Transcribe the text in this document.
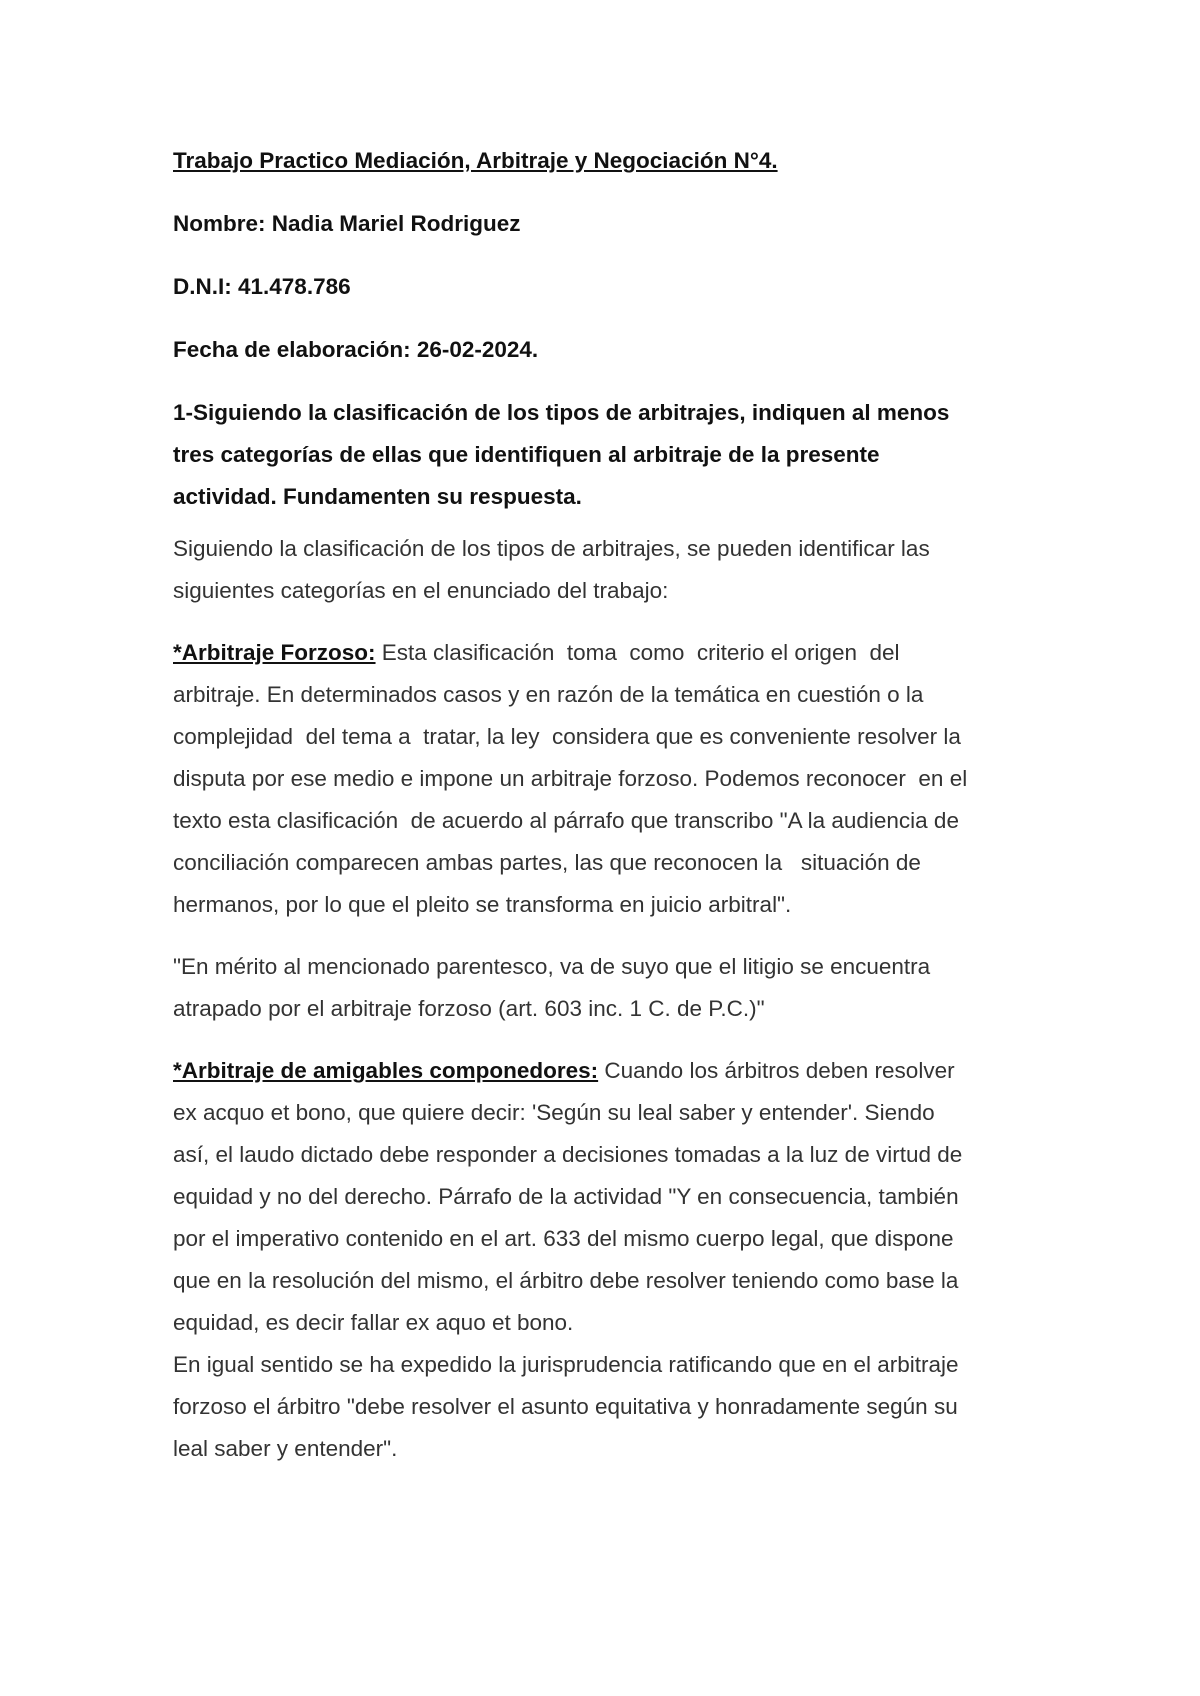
Trabajo Practico Mediación, Arbitraje y Negociación N°4.
Nombre: Nadia Mariel Rodriguez
D.N.I: 41.478.786
Fecha de elaboración: 26-02-2024.
1-Siguiendo la clasificación de los tipos de arbitrajes, indiquen al menos
tres categorías de ellas que identifiquen al arbitraje de la presente
actividad. Fundamenten su respuesta.
Siguiendo la clasificación de los tipos de arbitrajes, se pueden identificar las
siguientes categorías en el enunciado del trabajo:
*Arbitraje Forzoso: Esta clasificación  toma  como  criterio el origen  del
arbitraje. En determinados casos y en razón de la temática en cuestión o la
complejidad  del tema a  tratar, la ley  considera que es conveniente resolver la
disputa por ese medio e impone un arbitraje forzoso. Podemos reconocer  en el
texto esta clasificación  de acuerdo al párrafo que transcribo "A la audiencia de
conciliación comparecen ambas partes, las que reconocen la   situación de
hermanos, por lo que el pleito se transforma en juicio arbitral".
"En mérito al mencionado parentesco, va de suyo que el litigio se encuentra
atrapado por el arbitraje forzoso (art. 603 inc. 1 C. de P.C.)"
*Arbitraje de amigables componedores: Cuando los árbitros deben resolver
ex acquo et bono, que quiere decir: 'Según su leal saber y entender'. Siendo
así, el laudo dictado debe responder a decisiones tomadas a la luz de virtud de
equidad y no del derecho. Párrafo de la actividad "Y en consecuencia, también
por el imperativo contenido en el art. 633 del mismo cuerpo legal, que dispone
que en la resolución del mismo, el árbitro debe resolver teniendo como base la
equidad, es decir fallar ex aquo et bono.
En igual sentido se ha expedido la jurisprudencia ratificando que en el arbitraje
forzoso el árbitro "debe resolver el asunto equitativa y honradamente según su
leal saber y entender".
